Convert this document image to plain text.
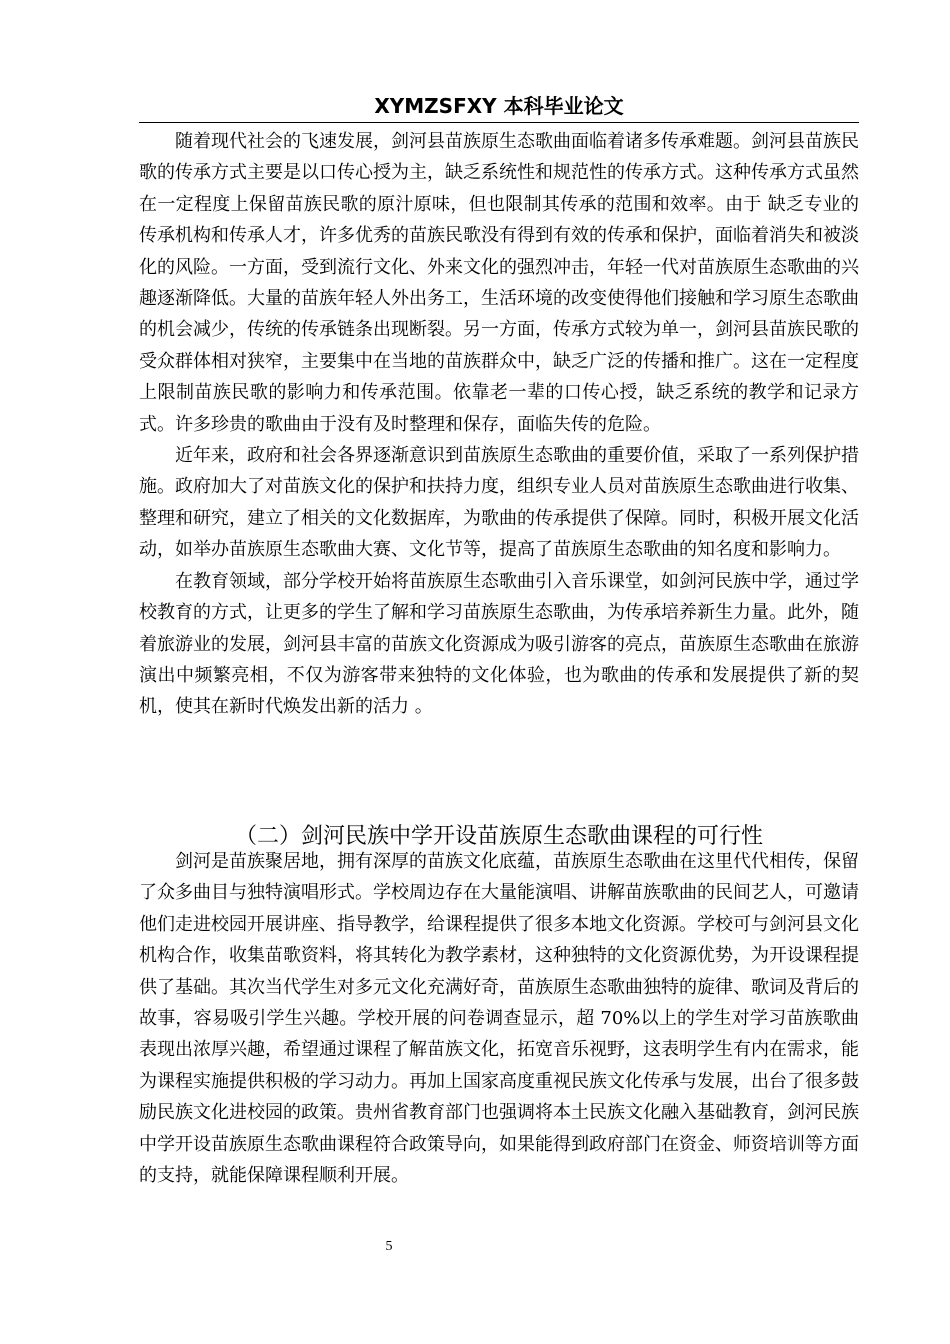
XYMZSFXY 本科毕业论文

随着现代社会的飞速发展，剑河县苗族原生态歌曲面临着诸多传承难题。剑河县苗族民歌的传承方式主要是以口传心授为主，缺乏系统性和规范性的传承方式。这种传承方式虽然在一定程度上保留苗族民歌的原汁原味，但也限制其传承的范围和效率。由于 缺乏专业的传承机构和传承人才，许多优秀的苗族民歌没有得到有效的传承和保护，面临着消失和被淡化的风险。一方面，受到流行文化、外来文化的强烈冲击，年轻一代对苗族原生态歌曲的兴趣逐渐降低。大量的苗族年轻人外出务工，生活环境的改变使得他们接触和学习原生态歌曲的机会减少，传统的传承链条出现断裂。另一方面，传承方式较为单一，剑河县苗族民歌的受众群体相对狭窄，主要集中在当地的苗族群众中，缺乏广泛的传播和推广。这在一定程度上限制苗族民歌的影响力和传承范围。依靠老一辈的口传心授，缺乏系统的教学和记录方式。许多珍贵的歌曲由于没有及时整理和保存，面临失传的危险。

近年来，政府和社会各界逐渐意识到苗族原生态歌曲的重要价值，采取了一系列保护措施。政府加大了对苗族文化的保护和扶持力度，组织专业人员对苗族原生态歌曲进行收集、整理和研究，建立了相关的文化数据库，为歌曲的传承提供了保障。同时，积极开展文化活动，如举办苗族原生态歌曲大赛、文化节等，提高了苗族原生态歌曲的知名度和影响力。

在教育领域，部分学校开始将苗族原生态歌曲引入音乐课堂，如剑河民族中学，通过学校教育的方式，让更多的学生了解和学习苗族原生态歌曲，为传承培养新生力量。此外，随着旅游业的发展，剑河县丰富的苗族文化资源成为吸引游客的亮点，苗族原生态歌曲在旅游演出中频繁亮相，不仅为游客带来独特的文化体验，也为歌曲的传承和发展提供了新的契机，使其在新时代焕发出新的活力 。

（二）剑河民族中学开设苗族原生态歌曲课程的可行性

剑河是苗族聚居地，拥有深厚的苗族文化底蕴，苗族原生态歌曲在这里代代相传，保留了众多曲目与独特演唱形式。学校周边存在大量能演唱、讲解苗族歌曲的民间艺人，可邀请他们走进校园开展讲座、指导教学，给课程提供了很多本地文化资源。学校可与剑河县文化机构合作，收集苗歌资料，将其转化为教学素材，这种独特的文化资源优势，为开设课程提供了基础。其次当代学生对多元文化充满好奇，苗族原生态歌曲独特的旋律、歌词及背后的故事，容易吸引学生兴趣。学校开展的问卷调查显示，超 70%以上的学生对学习苗族歌曲表现出浓厚兴趣，希望通过课程了解苗族文化，拓宽音乐视野，这表明学生有内在需求，能为课程实施提供积极的学习动力。再加上国家高度重视民族文化传承与发展，出台了很多鼓励民族文化进校园的政策。贵州省教育部门也强调将本土民族文化融入基础教育，剑河民族中学开设苗族原生态歌曲课程符合政策导向，如果能得到政府部门在资金、师资培训等方面的支持，就能保障课程顺利开展。

5
